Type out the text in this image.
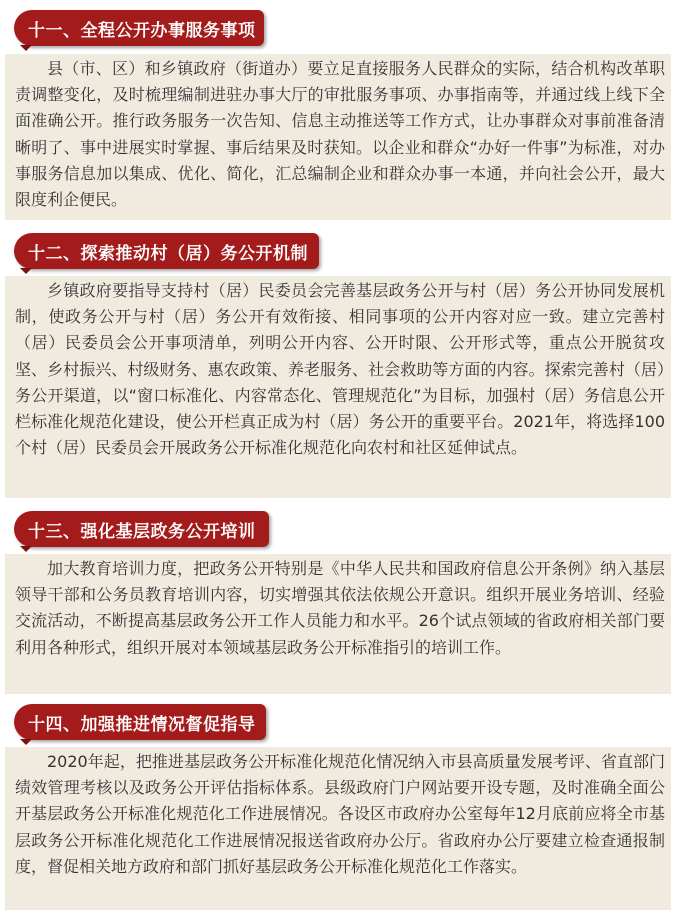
十一、全程公开办事服务事项
县（市、区）和乡镇政府（街道办）要立足直接服务人民群众的实际，结合机构改革职责调整变化，及时梳理编制进驻办事大厅的审批服务事项、办事指南等，并通过线上线下全面准确公开。推行政务服务一次告知、信息主动推送等工作方式，让办事群众对事前准备清晰明了、事中进展实时掌握、事后结果及时获知。以企业和群众“办好一件事”为标准，对办事服务信息加以集成、优化、简化，汇总编制企业和群众办事一本通，并向社会公开，最大限度利企便民。
十二、探索推动村（居）务公开机制
乡镇政府要指导支持村（居）民委员会完善基层政务公开与村（居）务公开协同发展机制，使政务公开与村（居）务公开有效衔接、相同事项的公开内容对应一致。建立完善村（居）民委员会公开事项清单，列明公开内容、公开时限、公开形式等，重点公开脱贫攻坚、乡村振兴、村级财务、惠农政策、养老服务、社会救助等方面的内容。探索完善村（居）务公开渠道，以“窗口标准化、内容常态化、管理规范化”为目标，加强村（居）务信息公开栏标准化规范化建设，使公开栏真正成为村（居）务公开的重要平台。2021年，将选择100个村（居）民委员会开展政务公开标准化规范化向农村和社区延伸试点。
十三、强化基层政务公开培训
加大教育培训力度，把政务公开特别是《中华人民共和国政府信息公开条例》纳入基层领导干部和公务员教育培训内容，切实增强其依法依规公开意识。组织开展业务培训、经验交流活动，不断提高基层政务公开工作人员能力和水平。26个试点领域的省政府相关部门要利用各种形式，组织开展对本领域基层政务公开标准指引的培训工作。
十四、加强推进情况督促指导
2020年起，把推进基层政务公开标准化规范化情况纳入市县高质量发展考评、省直部门绩效管理考核以及政务公开评估指标体系。县级政府门户网站要开设专题，及时准确全面公开基层政务公开标准化规范化工作进展情况。各设区市政府办公室每年12月底前应将全市基层政务公开标准化规范化工作进展情况报送省政府办公厅。省政府办公厅要建立检查通报制度，督促相关地方政府和部门抓好基层政务公开标准化规范化工作落实。
